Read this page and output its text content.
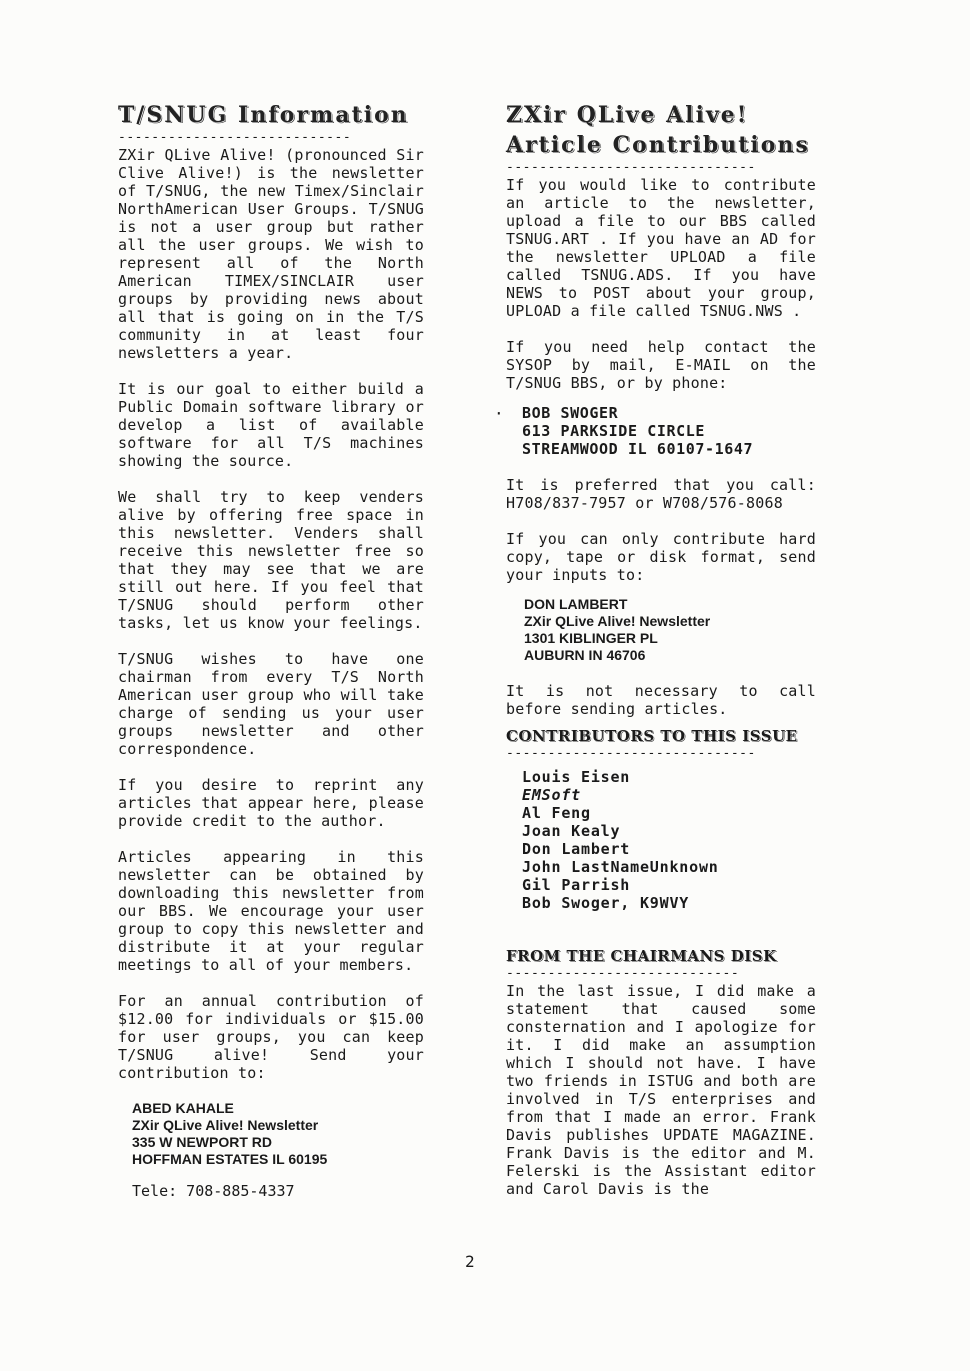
T/SNUG Information
----------------------------

ZXir QLive Alive! (pronounced Sir Clive Alive!) is the newsletter of T/SNUG, the new Timex/Sinclair NorthAmerican User Groups. T/SNUG is not a user group but rather all the user groups. We wish to represent all of the North American TIMEX/SINCLAIR user groups by providing news about all that is going on in the T/S community in at least four newsletters a year.

It is our goal to either build a Public Domain software library or develop a list of available software for all T/S machines showing the source.

We shall try to keep venders alive by offering free space in this newsletter. Venders shall receive this newsletter free so that they may see that we are still out here. If you feel that T/SNUG should perform other tasks, let us know your feelings.

T/SNUG wishes to have one chairman from every T/S North American user group who will take charge of sending us your user groups newsletter and other correspondence.

If you desire to reprint any articles that appear here, please provide credit to the author.

Articles appearing in this newsletter can be obtained by downloading this newsletter from our BBS. We encourage your user group to copy this newsletter and distribute it at your regular meetings to all of your members.

For an annual contribution of $12.00 for individuals or $15.00 for user groups, you can keep T/SNUG alive! Send your contribution to:

ABED KAHALE
ZXir QLive Alive! Newsletter
335 W NEWPORT RD
HOFFMAN ESTATES IL 60195
Tele: 708-885-4337
2
ZXir QLive Alive!
Article Contributions
------------------------------

If you would like to contribute an article to the newsletter, upload a file to our BBS called TSNUG.ART . If you have an AD for the newsletter UPLOAD a file called TSNUG.ADS. If you have NEWS to POST about your group, UPLOAD a file called TSNUG.NWS .

If you need help contact the SYSOP by mail, E-MAIL on the T/SNUG BBS, or by phone:

· BOB SWOGER
613 PARKSIDE CIRCLE
STREAMWOOD IL 60107-1647

It is preferred that you call: H708/837-7957 or W708/576-8068

If you can only contribute hard copy, tape or disk format, send your inputs to:

DON LAMBERT
ZXir QLive Alive! Newsletter
1301 KIBLINGER PL
AUBURN IN 46706

It is not necessary to call before sending articles.

CONTRIBUTORS TO THIS ISSUE
------------------------------
Louis Eisen
EMSoft
Al Feng
Joan Kealy
Don Lambert
John LastNameUnknown
Gil Parrish
Bob Swoger, K9WVY
FROM THE CHAIRMANS DISK
----------------------------

In the last issue, I did make a statement that caused some consternation and I apologize for it. I did make an assumption which I should not have. I have two friends in ISTUG and both are involved in T/S enterprises and from that I made an error. Frank Davis publishes UPDATE MAGAZINE. Frank Davis is the editor and M. Felerski is the Assistant editor and Carol Davis is the
